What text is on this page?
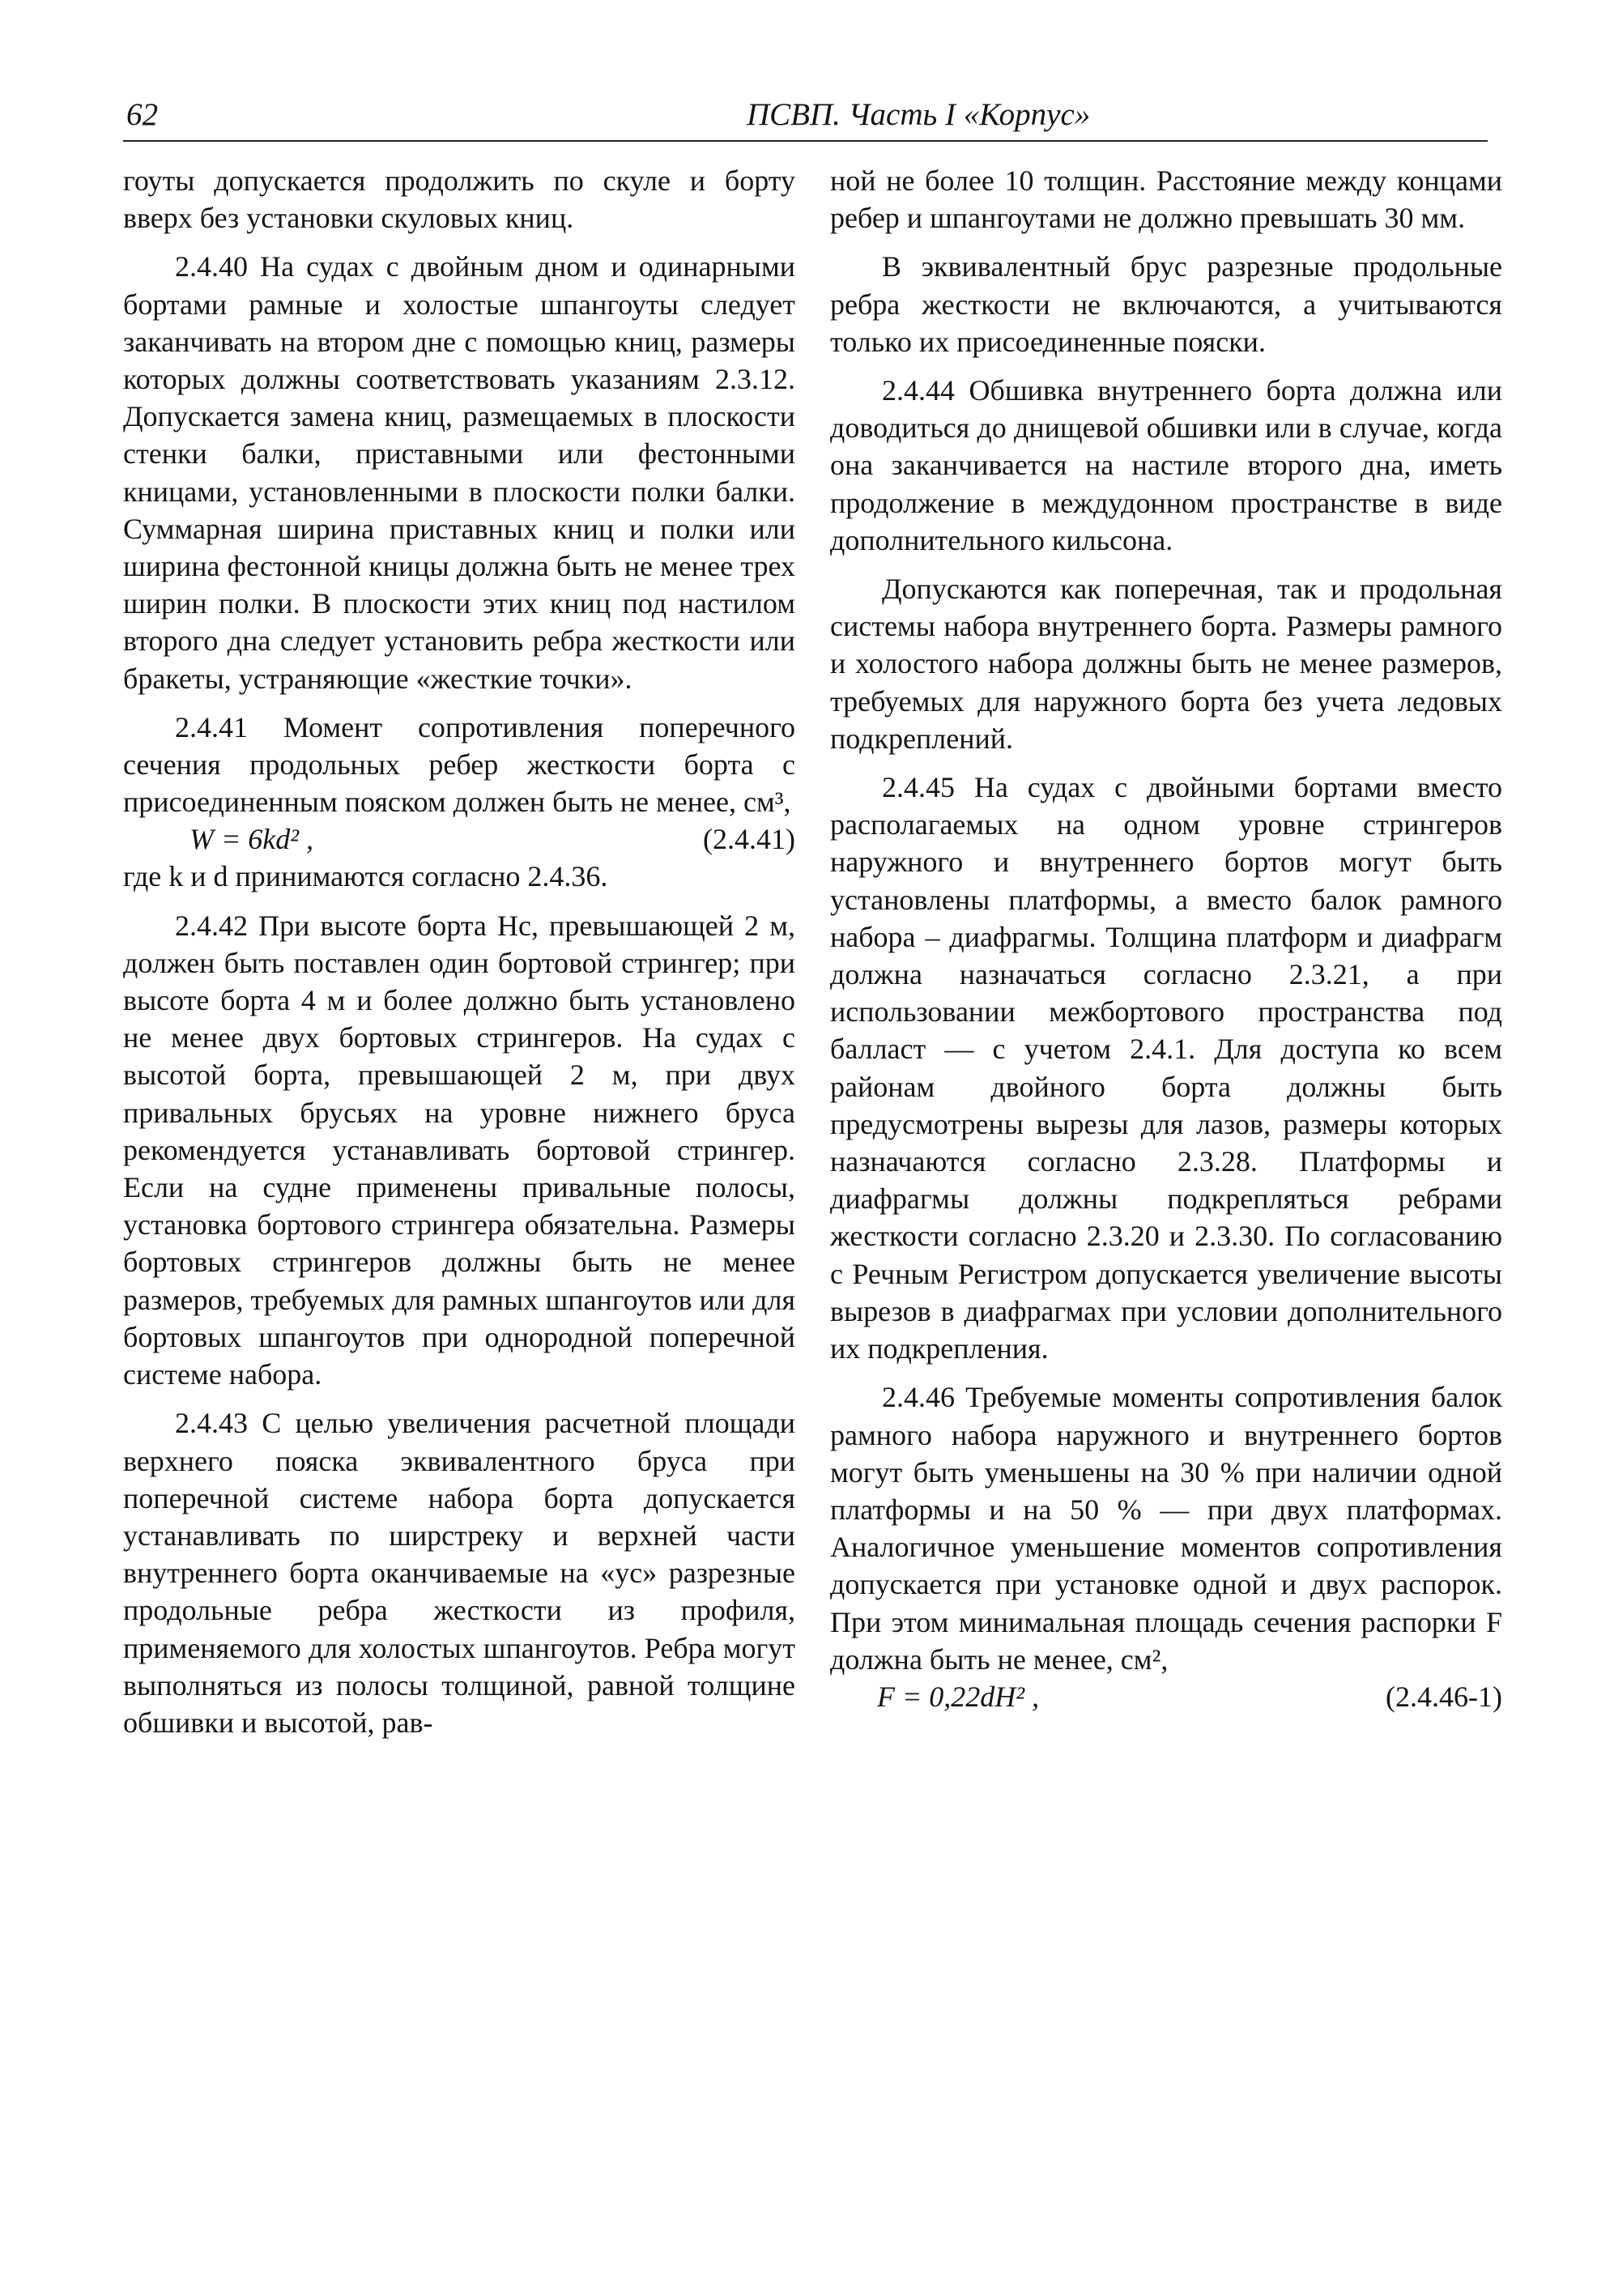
62	ПСВП. Часть I «Корпус»

гоуты допускается продолжить по скуле и борту вверх без установки скуловых книц.

2.4.40 На судах с двойным дном и одинарными бортами рамные и холостые шпангоуты следует заканчивать на втором дне с помощью книц, размеры которых должны соответствовать указаниям 2.3.12. Допускается замена книц, размещаемых в плоскости стенки балки, приставными или фестонными кницами, установленными в плоскости полки балки. Суммарная ширина приставных книц и полки или ширина фестонной кницы должна быть не менее трех ширин полки. В плоскости этих книц под настилом второго дна следует установить ребра жесткости или бракеты, устраняющие «жесткие точки».

2.4.41 Момент сопротивления поперечного сечения продольных ребер жесткости борта с присоединенным пояском должен быть не менее, см³,

W = 6kd² ,	(2.4.41)

где k и d принимаются согласно 2.4.36.

2.4.42 При высоте борта Hс, превышающей 2 м, должен быть поставлен один бортовой стрингер; при высоте борта 4 м и более должно быть установлено не менее двух бортовых стрингеров. На судах с высотой борта, превышающей 2 м, при двух привальных брусьях на уровне нижнего бруса рекомендуется устанавливать бортовой стрингер. Если на судне применены привальные полосы, установка бортового стрингера обязательна. Размеры бортовых стрингеров должны быть не менее размеров, требуемых для рамных шпангоутов или для бортовых шпангоутов при однородной поперечной системе набора.

2.4.43 С целью увеличения расчетной площади верхнего пояска эквивалентного бруса при поперечной системе набора борта допускается устанавливать по ширстреку и верхней части внутреннего борта оканчиваемые на «ус» разрезные продольные ребра жесткости из профиля, применяемого для холостых шпангоутов. Ребра могут выполняться из полосы толщиной, равной толщине обшивки и высотой, рав-

ной не более 10 толщин. Расстояние между концами ребер и шпангоутами не должно превышать 30 мм.

В эквивалентный брус разрезные продольные ребра жесткости не включаются, а учитываются только их присоединенные пояски.

2.4.44 Обшивка внутреннего борта должна или доводиться до днищевой обшивки или в случае, когда она заканчивается на настиле второго дна, иметь продолжение в междудонном пространстве в виде дополнительного кильсона.

Допускаются как поперечная, так и продольная системы набора внутреннего борта. Размеры рамного и холостого набора должны быть не менее размеров, требуемых для наружного борта без учета ледовых подкреплений.

2.4.45 На судах с двойными бортами вместо располагаемых на одном уровне стрингеров наружного и внутреннего бортов могут быть установлены платформы, а вместо балок рамного набора – диафрагмы. Толщина платформ и диафрагм должна назначаться согласно 2.3.21, а при использовании межбортового пространства под балласт — с учетом 2.4.1. Для доступа ко всем районам двойного борта должны быть предусмотрены вырезы для лазов, размеры которых назначаются согласно 2.3.28. Платформы и диафрагмы должны подкрепляться ребрами жесткости согласно 2.3.20 и 2.3.30. По согласованию с Речным Регистром допускается увеличение высоты вырезов в диафрагмах при условии дополнительного их подкрепления.

2.4.46 Требуемые моменты сопротивления балок рамного набора наружного и внутреннего бортов могут быть уменьшены на 30 % при наличии одной платформы и на 50 % — при двух платформах. Аналогичное уменьшение моментов сопротивления допускается при установке одной и двух распорок. При этом минимальная площадь сечения распорки F должна быть не менее, см²,

F = 0,22dH² ,	(2.4.46-1)
